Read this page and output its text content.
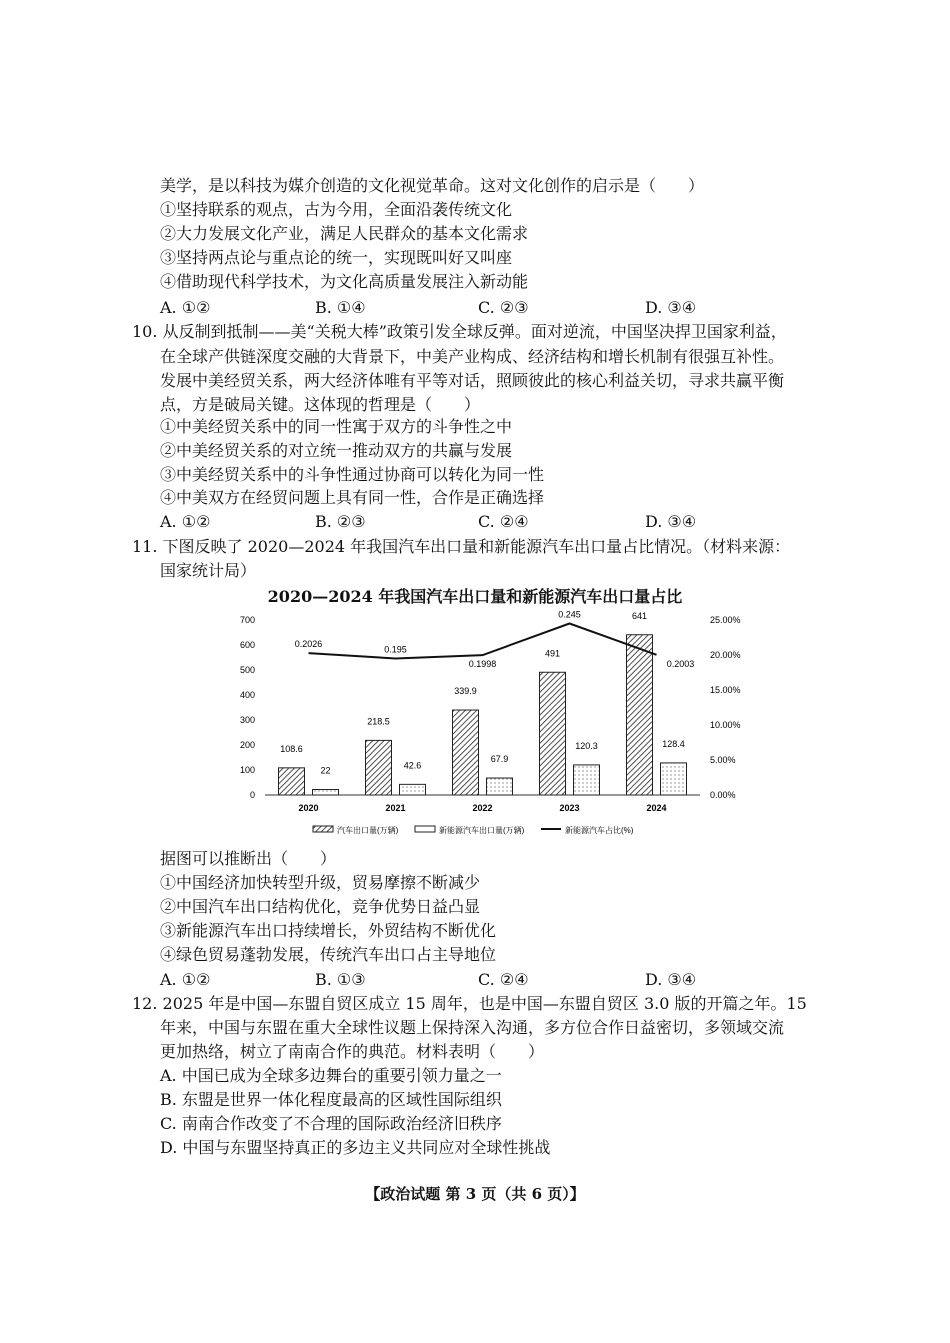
美学，是以科技为媒介创造的文化视觉革命。这对文化创作的启示是（　　）
①坚持联系的观点，古为今用，全面沿袭传统文化
②大力发展文化产业，满足人民群众的基本文化需求
③坚持两点论与重点论的统一，实现既叫好又叫座
④借助现代科学技术，为文化高质量发展注入新动能
A. ①②	B. ①④	C. ②③	D. ③④
10. 从反制到抵制——美“关税大棒”政策引发全球反弹。面对逆流，中国坚决捍卫国家利益，
在全球产供链深度交融的大背景下，中美产业构成、经济结构和增长机制有很强互补性。
发展中美经贸关系，两大经济体唯有平等对话，照顾彼此的核心利益关切，寻求共赢平衡
点，方是破局关键。这体现的哲理是（　　）
①中美经贸关系中的同一性寓于双方的斗争性之中
②中美经贸关系的对立统一推动双方的共赢与发展
③中美经贸关系中的斗争性通过协商可以转化为同一性
④中美双方在经贸问题上具有同一性，合作是正确选择
A. ①②	B. ②③	C. ②④	D. ③④
11. 下图反映了 2020—2024 年我国汽车出口量和新能源汽车出口量占比情况。（材料来源：
国家统计局）
2020—2024 年我国汽车出口量和新能源汽车出口量占比
0
100
200
300
400
500
600
700
0.00%
5.00%
10.00%
15.00%
20.00%
25.00%
2020	2021	2022	2023	2024
108.6
22
218.5
42.6
339.9
67.9
491
120.3
641
128.4
0.2026
0.195
0.1998
0.245
0.2003
汽车出口量(万辆)	新能源汽车出口量(万辆)	新能源汽车占比(%)
据图可以推断出（　　）
①中国经济加快转型升级，贸易摩擦不断减少
②中国汽车出口结构优化，竞争优势日益凸显
③新能源汽车出口持续增长，外贸结构不断优化
④绿色贸易蓬勃发展，传统汽车出口占主导地位
A. ①②	B. ①③	C. ②④	D. ③④
12. 2025 年是中国—东盟自贸区成立 15 周年，也是中国—东盟自贸区 3.0 版的开篇之年。15
年来，中国与东盟在重大全球性议题上保持深入沟通，多方位合作日益密切，多领域交流
更加热络，树立了南南合作的典范。材料表明（　　）
A. 中国已成为全球多边舞台的重要引领力量之一
B. 东盟是世界一体化程度最高的区域性国际组织
C. 南南合作改变了不合理的国际政治经济旧秩序
D. 中国与东盟坚持真正的多边主义共同应对全球性挑战
【政治试题 第 3 页（共 6 页）】
